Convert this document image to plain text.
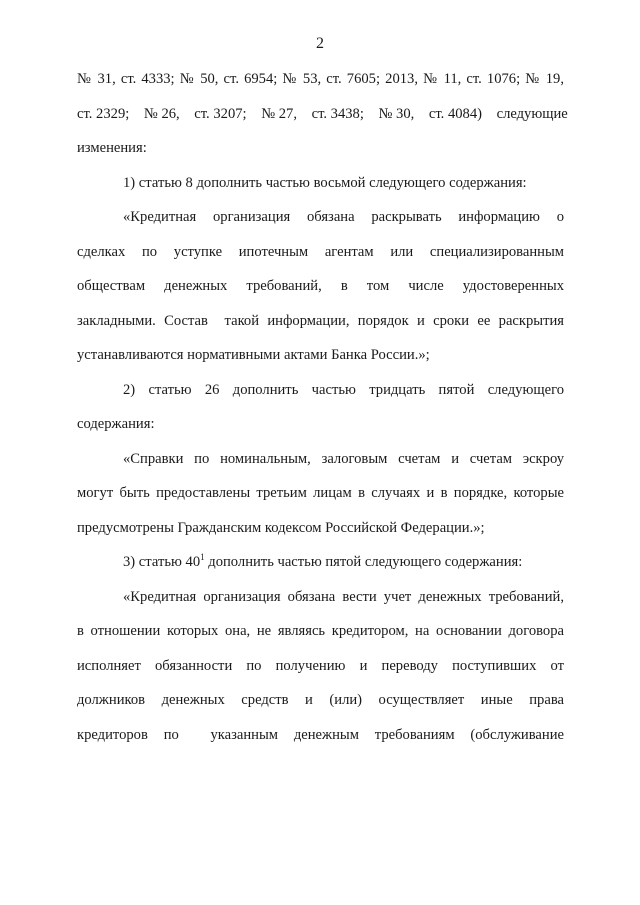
2
№ 31, ст. 4333; № 50, ст. 6954; № 53, ст. 7605; 2013, № 11, ст. 1076; № 19,
ст. 2329;    № 26,    ст. 3207;    № 27,    ст. 3438;    № 30,    ст. 4084)    следующие
изменения:
1) статью 8 дополнить частью восьмой следующего содержания:
«Кредитная организация обязана раскрывать информацию о
сделках по уступке ипотечным агентам или специализированным
обществам денежных требований, в том числе удостоверенных
закладными. Состав  такой информации, порядок и сроки ее раскрытия
устанавливаются нормативными актами Банка России.»;
2) статью 26 дополнить частью тридцать пятой следующего
содержания:
«Справки по номинальным, залоговым счетам и счетам эскроу
могут быть предоставлены третьим лицам в случаях и в порядке, которые
предусмотрены Гражданским кодексом Российской Федерации.»;
3) статью $40^1$ дополнить частью пятой следующего содержания:
«Кредитная организация обязана вести учет денежных требований,
в отношении которых она, не являясь кредитором, на основании договора
исполняет обязанности по получению и переводу поступивших от
должников денежных средств и (или) осуществляет иные права
кредиторов  по    указанным  денежным  требованиям  (обслуживание
